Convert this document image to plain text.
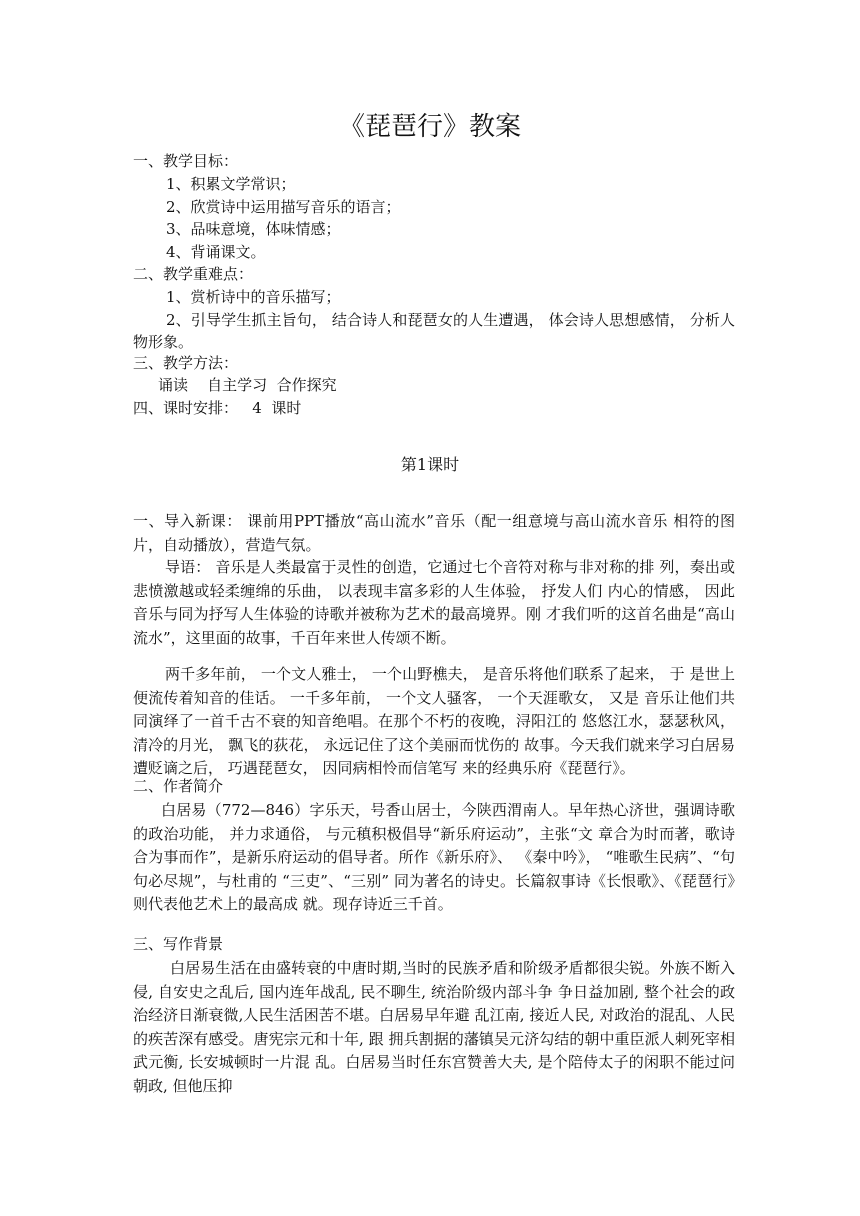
《琵琶行》教案
一、教学目标：
1、积累文学常识；
2、欣赏诗中运用描写音乐的语言；
3、品味意境，体味情感；
4、背诵课文。
二、教学重难点：
1、赏析诗中的音乐描写；
2、引导学生抓主旨句， 结合诗人和琵琶女的人生遭遇， 体会诗人思想感情， 分析人物形象。
三、教学方法：
诵读    自主学习  合作探究
四、课时安排：   4  课时
第1课时
一、导入新课： 课前用PPT播放“高山流水”音乐（配一组意境与高山流水音乐 相符的图片，自动播放），营造气氛。
导语： 音乐是人类最富于灵性的创造，它通过七个音符对称与非对称的排 列，奏出或悲愤激越或轻柔缠绵的乐曲， 以表现丰富多彩的人生体验， 抒发人们 内心的情感， 因此音乐与同为抒写人生体验的诗歌并被称为艺术的最高境界。刚 才我们听的这首名曲是“高山流水”，这里面的故事，千百年来世人传颂不断。
两千多年前， 一个文人雅士， 一个山野樵夫， 是音乐将他们联系了起来， 于 是世上便流传着知音的佳话。 一千多年前， 一个文人骚客， 一个天涯歌女， 又是 音乐让他们共同演绎了一首千古不衰的知音绝唱。在那个不朽的夜晚，浔阳江的 悠悠江水，瑟瑟秋风， 清冷的月光， 飘飞的荻花， 永远记住了这个美丽而忧伤的 故事。今天我们就来学习白居易遭贬谪之后， 巧遇琵琶女， 因同病相怜而信笔写 来的经典乐府《琵琶行》。
二、作者简介
白居易（772—846）字乐天，号香山居士，今陕西渭南人。早年热心济世，强调诗歌的政治功能， 并力求通俗， 与元稹积极倡导“新乐府运动”，主张“文 章合为时而著，歌诗合为事而作”，是新乐府运动的倡导者。所作《新乐府》、 《秦中吟》， “唯歌生民病”、“句句必尽规”，与杜甫的 “三吏”、“三别” 同为著名的诗史。长篇叙事诗《长恨歌》、《琵琶行》则代表他艺术上的最高成 就。现存诗近三千首。
三、写作背景
白居易生活在由盛转衰的中唐时期,当时的民族矛盾和阶级矛盾都很尖锐。外族不断入侵, 自安史之乱后, 国内连年战乱, 民不聊生, 统治阶级内部斗争 争日益加剧, 整个社会的政治经济日渐衰微,人民生活困苦不堪。白居易早年避 乱江南, 接近人民, 对政治的混乱、人民的疾苦深有感受。唐宪宗元和十年, 跟 拥兵割据的藩镇吴元济勾结的朝中重臣派人刺死宰相武元衡, 长安城顿时一片混 乱。白居易当时任东宫赞善大夫, 是个陪侍太子的闲职不能过问朝政, 但他压抑
